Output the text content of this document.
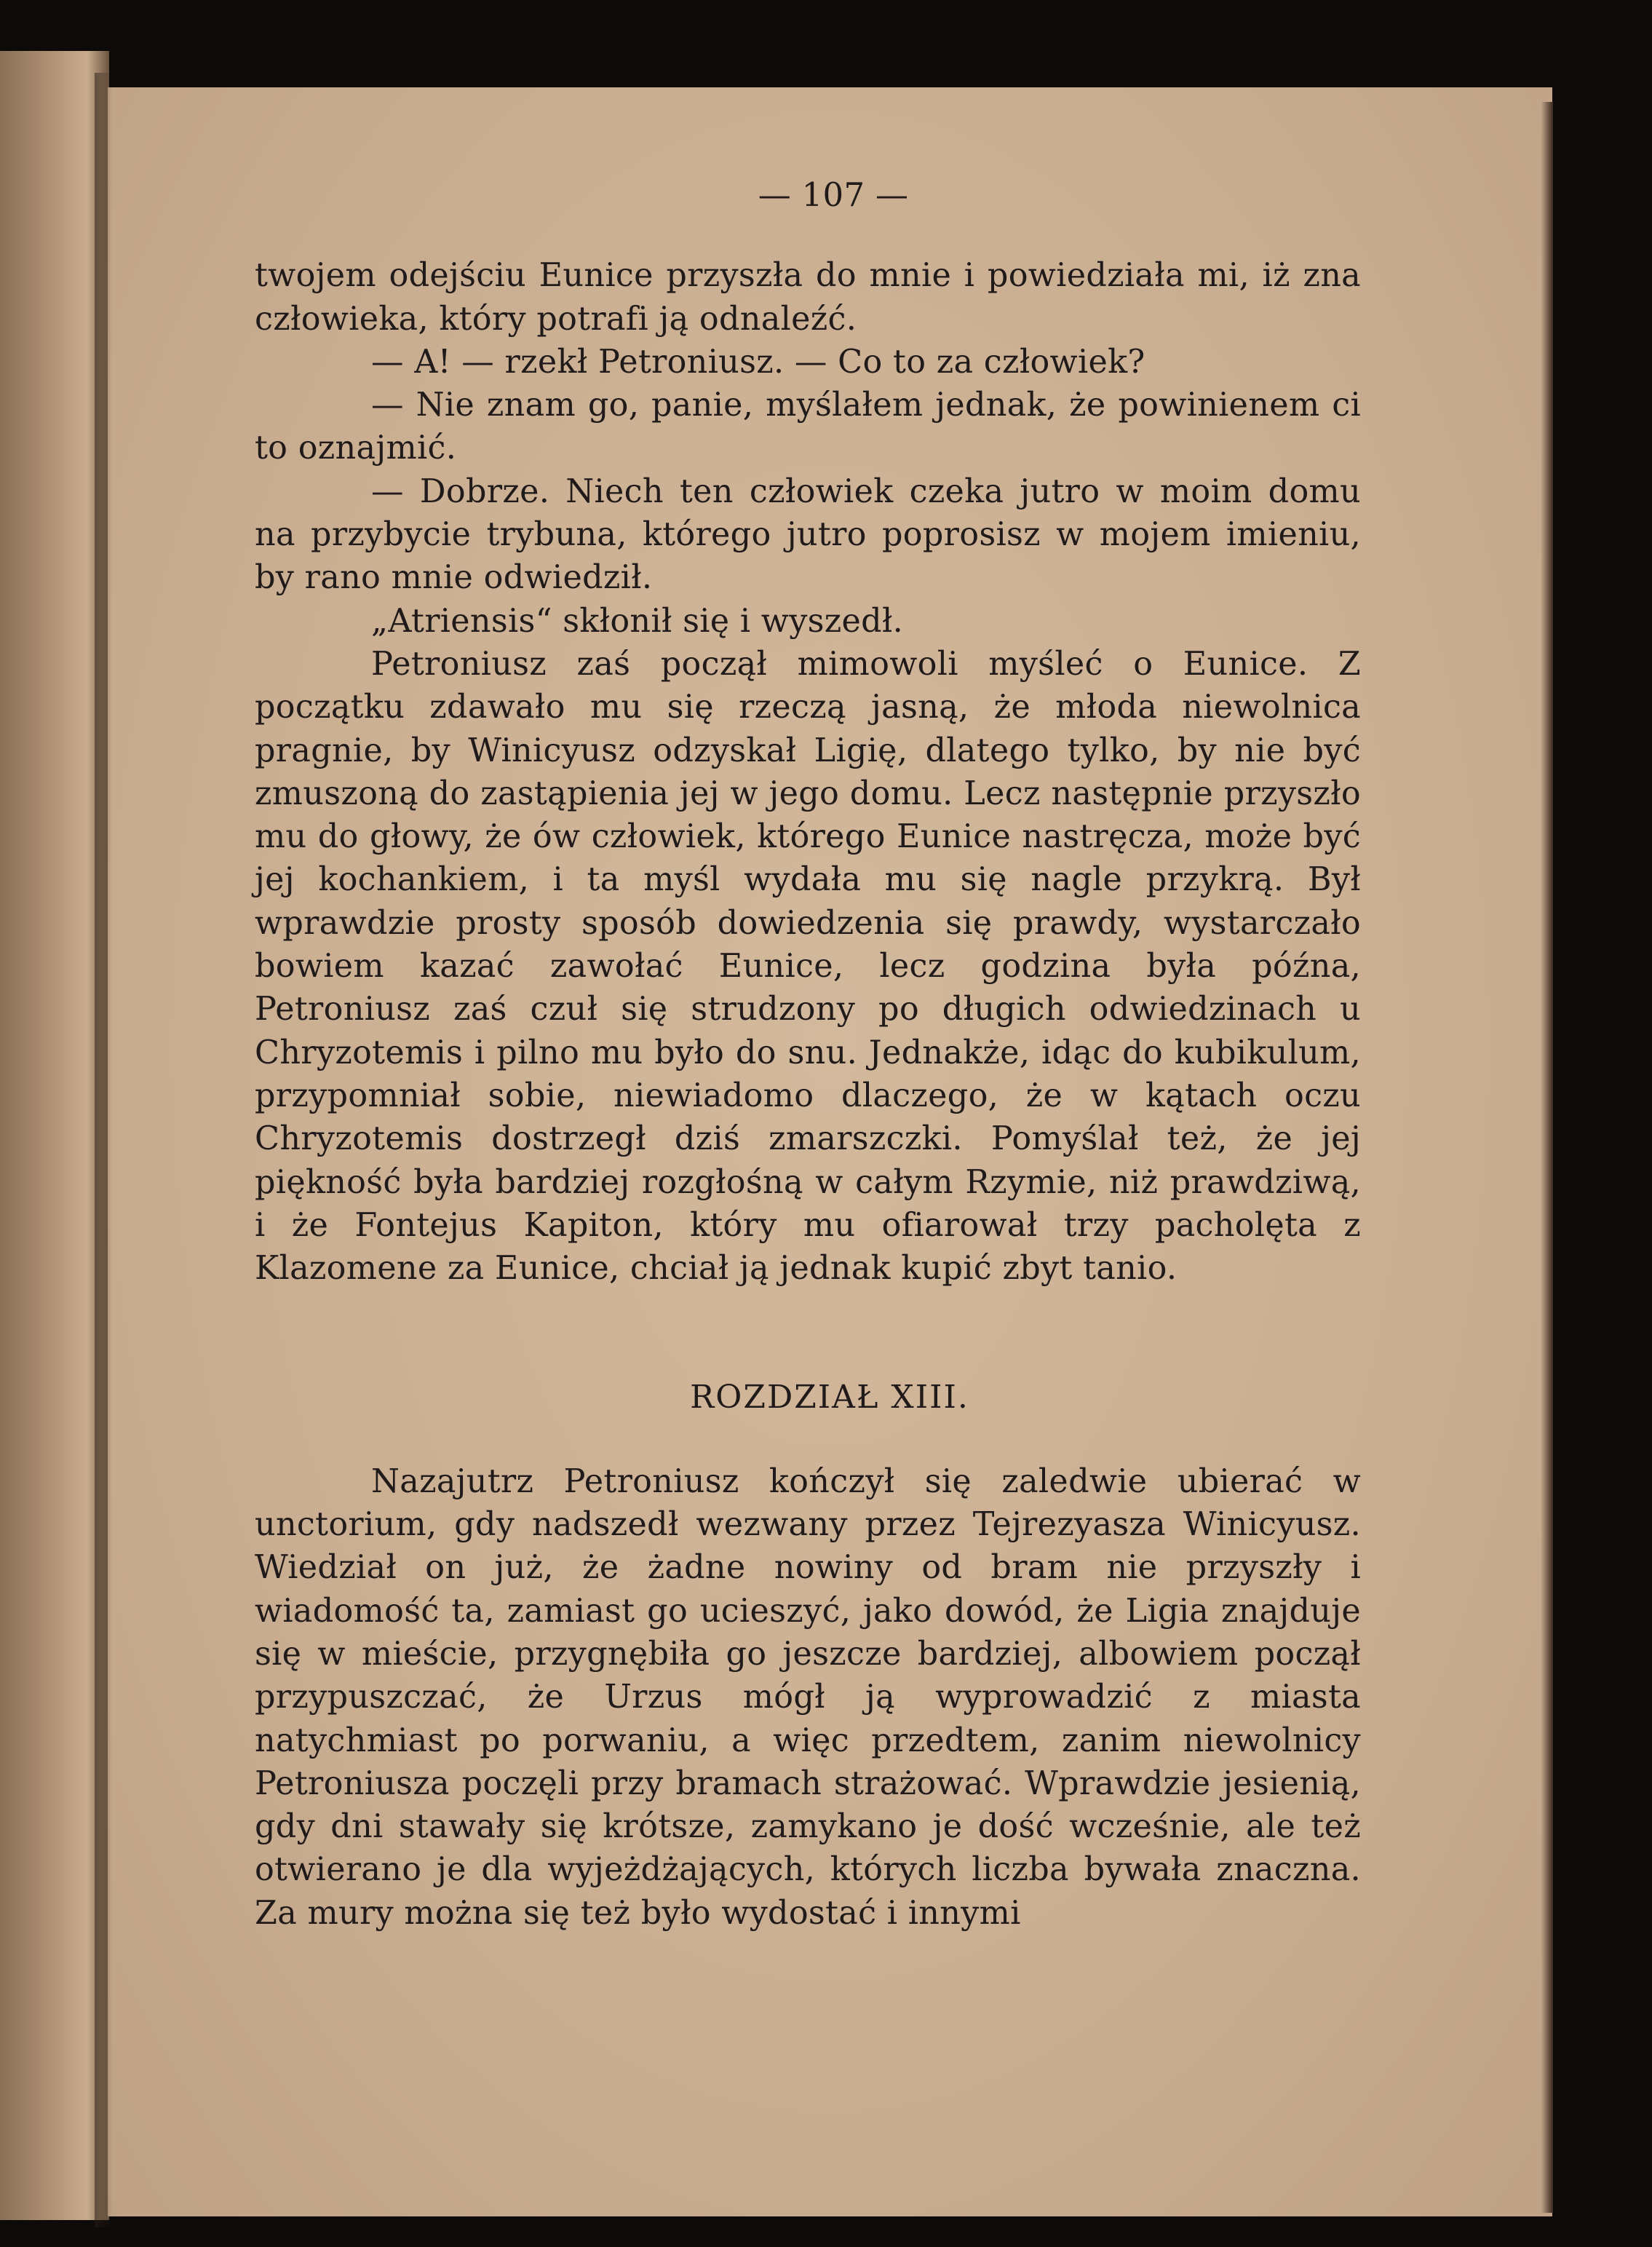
— 107 —

twojem odejściu Eunice przyszła do mnie i powiedziała mi, iż zna człowieka, który potrafi ją odnaleźć.

— A! — rzekł Petroniusz. — Co to za człowiek?

— Nie znam go, panie, myślałem jednak, że powinienem ci to oznajmić.

— Dobrze. Niech ten człowiek czeka jutro w moim domu na przybycie trybuna, którego jutro poprosisz w mojem imieniu, by rano mnie odwiedził.

„Atriensis“ skłonił się i wyszedł.

Petroniusz zaś począł mimowoli myśleć o Eunice. Z początku zdawało mu się rzeczą jasną, że młoda niewolnica pragnie, by Winicyusz odzyskał Ligię, dlatego tylko, by nie być zmuszoną do zastąpienia jej w jego domu. Lecz następnie przyszło mu do głowy, że ów człowiek, którego Eunice nastręcza, może być jej kochankiem, i ta myśl wydała mu się nagle przykrą. Był wprawdzie prosty sposób dowiedzenia się prawdy, wystarczało bowiem kazać zawołać Eunice, lecz godzina była późna, Petroniusz zaś czuł się strudzony po długich odwiedzinach u Chryzotemis i pilno mu było do snu. Jednakże, idąc do kubikulum, przypomniał sobie, niewiadomo dlaczego, że w kątach oczu Chryzotemis dostrzegł dziś zmarszczki. Pomyślał też, że jej piękność była bardziej rozgłośną w całym Rzymie, niż prawdziwą, i że Fontejus Kapiton, który mu ofiarował trzy pacholęta z Klazomene za Eunice, chciał ją jednak kupić zbyt tanio.

ROZDZIAŁ XIII.

Nazajutrz Petroniusz kończył się zaledwie ubierać w unctorium, gdy nadszedł wezwany przez Tejrezyasza Winicyusz. Wiedział on już, że żadne nowiny od bram nie przyszły i wiadomość ta, zamiast go ucieszyć, jako dowód, że Ligia znajduje się w mieście, przygnębiła go jeszcze bardziej, albowiem począł przypuszczać, że Urzus mógł ją wyprowadzić z miasta natychmiast po porwaniu, a więc przedtem, zanim niewolnicy Petroniusza poczęli przy bramach strażować. Wprawdzie jesienią, gdy dni stawały się krótsze, zamykano je dość wcześnie, ale też otwierano je dla wyjeżdżających, których liczba bywała znaczna. Za mury można się też było wydostać i innymi
